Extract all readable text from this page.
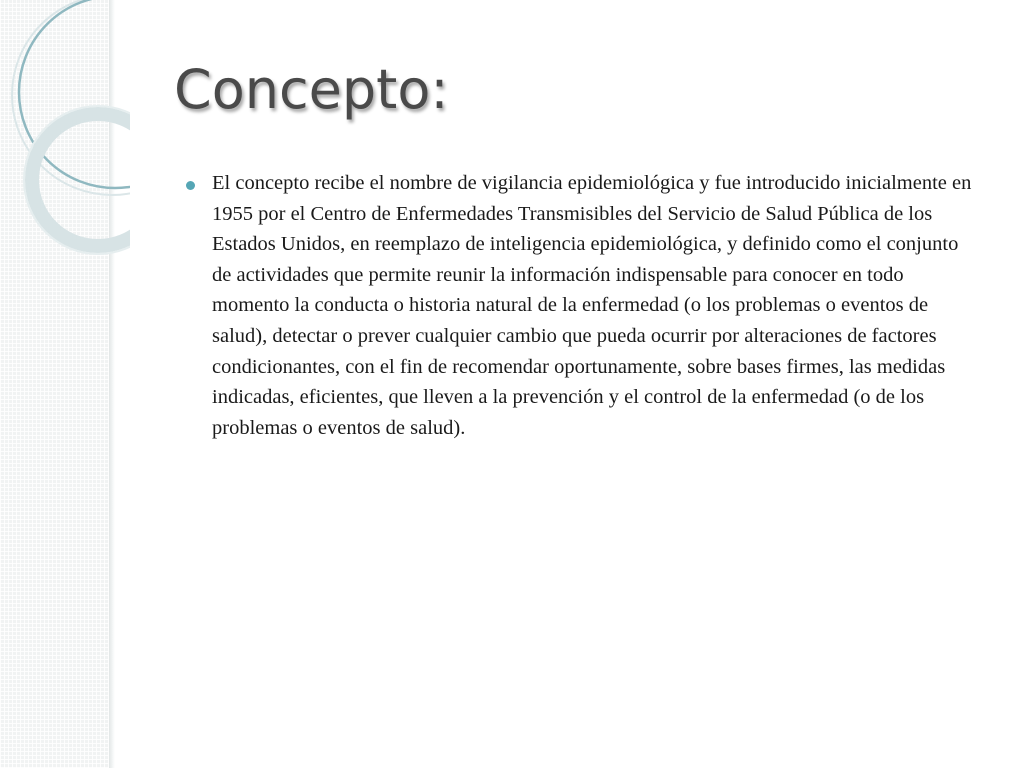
Concepto:
El concepto recibe el nombre de vigilancia epidemiológica y fue introducido inicialmente en 1955 por el Centro de Enfermedades Transmisibles del Servicio de Salud Pública de los Estados Unidos, en reemplazo de inteligencia epidemiológica, y definido como el conjunto de actividades que permite reunir la información indispensable para conocer en todo momento la conducta o historia natural de la enfermedad (o los problemas o eventos de salud), detectar o prever cualquier cambio que pueda ocurrir por alteraciones de factores condicionantes, con el fin de recomendar oportunamente, sobre bases firmes, las medidas indicadas, eficientes, que lleven a la prevención y el control de la enfermedad (o de los problemas o eventos de salud).
